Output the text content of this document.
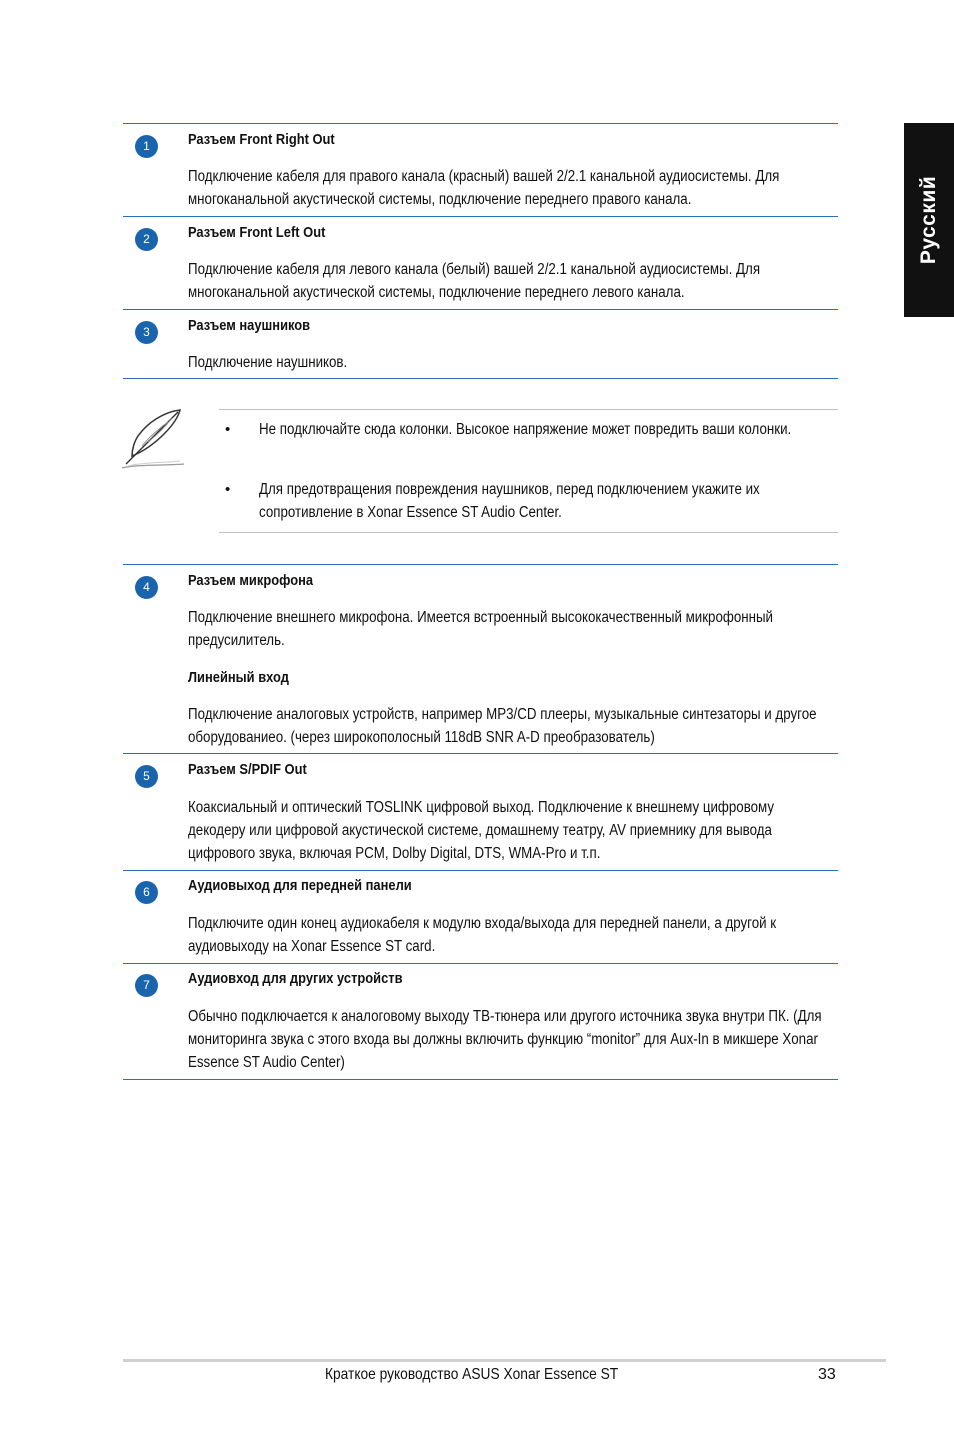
Русский
1	Разъем Front Right Out

Подключение кабеля для правого канала (красный) вашей 2/2.1 канальной аудиосистемы. Для многоканальной акустической системы, подключение переднего правого канала.

2	Разъем Front Left Out

Подключение кабеля для левого канала (белый) вашей 2/2.1 канальной аудиосистемы. Для многоканальной акустической системы, подключение переднего левого канала.

3	Разъем наушников

Подключение наушников.

• Не подключайте сюда колонки. Высокое напряжение может повредить ваши колонки.

• Для предотвращения повреждения наушников, перед подключением укажите их сопротивление в Xonar Essence ST Audio Center.

4	Разъем микрофона

Подключение внешнего микрофона. Имеется встроенный высококачественный микрофонный предусилитель.

Линейный вход

Подключение аналоговых устройств, например MP3/CD плееры, музыкальные синтезаторы и другое оборудованиео. (через широкополосный 118dB SNR A-D преобразователь)

5	Разъем S/PDIF Out

Коаксиальный и оптический TOSLINK цифровой выход. Подключение к внешнему цифровому декодеру или цифровой акустической системе, домашнему театру, AV приемнику для вывода цифрового звука, включая PCM, Dolby Digital, DTS, WMA-Pro и т.п.

6	Аудиовыход для передней панели

Подключите один конец аудиокабеля к модулю входа/выхода для передней панели, а другой к аудиовыходу на Xonar Essence ST card.

7	Аудиовход для других устройств

Обычно подключается к аналоговому выходу ТВ-тюнера или другого источника звука внутри ПК. (Для мониторинга звука с этого входа вы должны включить функцию “monitor” для Aux-In в микшере Xonar Essence ST Audio Center)

Краткое руководство ASUS Xonar Essence ST	33
